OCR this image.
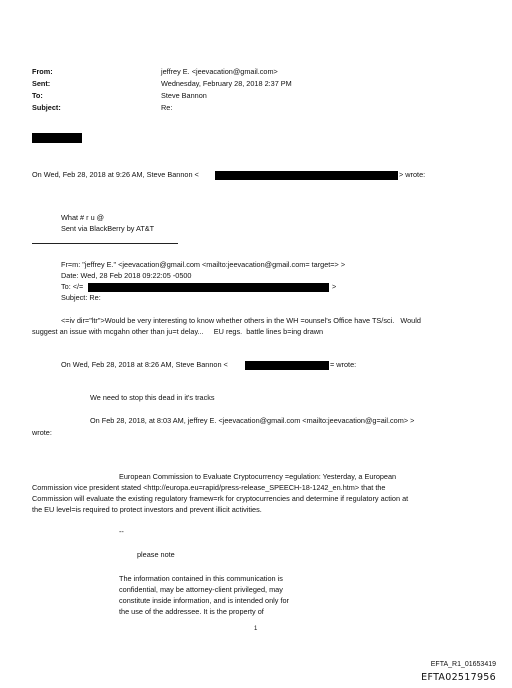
From:	jeffrey E. <jeevacation@gmail.com>
Sent:	Wednesday, February 28, 2018 2:37 PM
To:	Steve Bannon
Subject:	Re:
On Wed, Feb 28, 2018 at 9:26 AM, Steve Bannon <	> wrote:
What # r u @
Sent via BlackBerry by AT&T
Fr=m: "jeffrey E." <jeevacation@gmail.com <mailto:jeevacation@gmail.com= target=> >
Date: Wed, 28 Feb 2018 09:22:05 -0500
To: </=	>
Subject: Re:
<=iv dir="ltr">Would be very interesting to know whether others in the WH =ounsel's Office have TS/sci.   Would
suggest an issue with mcgahn other than ju=t delay...     EU regs.  battle lines b=ing drawn
On Wed, Feb 28, 2018 at 8:26 AM, Steve Bannon <	= wrote:
We need to stop this dead in it's tracks
On Feb 28, 2018, at 8:03 AM, jeffrey E. <jeevacation@gmail.com <mailto:jeevacation@g=ail.com> >
wrote:
European Commission to Evaluate Cryptocurrency =egulation: Yesterday, a European
Commission vice president stated <http://europa.eu=rapid/press-release_SPEECH-18-1242_en.htm> that the
Commission will evaluate the existing regulatory framew=rk for cryptocurrencies and determine if regulatory action at
the EU level=is required to protect investors and prevent illicit activities.
--
please note
The information contained in this communication is
confidential, may be attorney-client privileged, may
constitute inside information, and is intended only for
the use of the addressee. It is the property of
1
EFTA_R1_01653419
EFTA02517956
